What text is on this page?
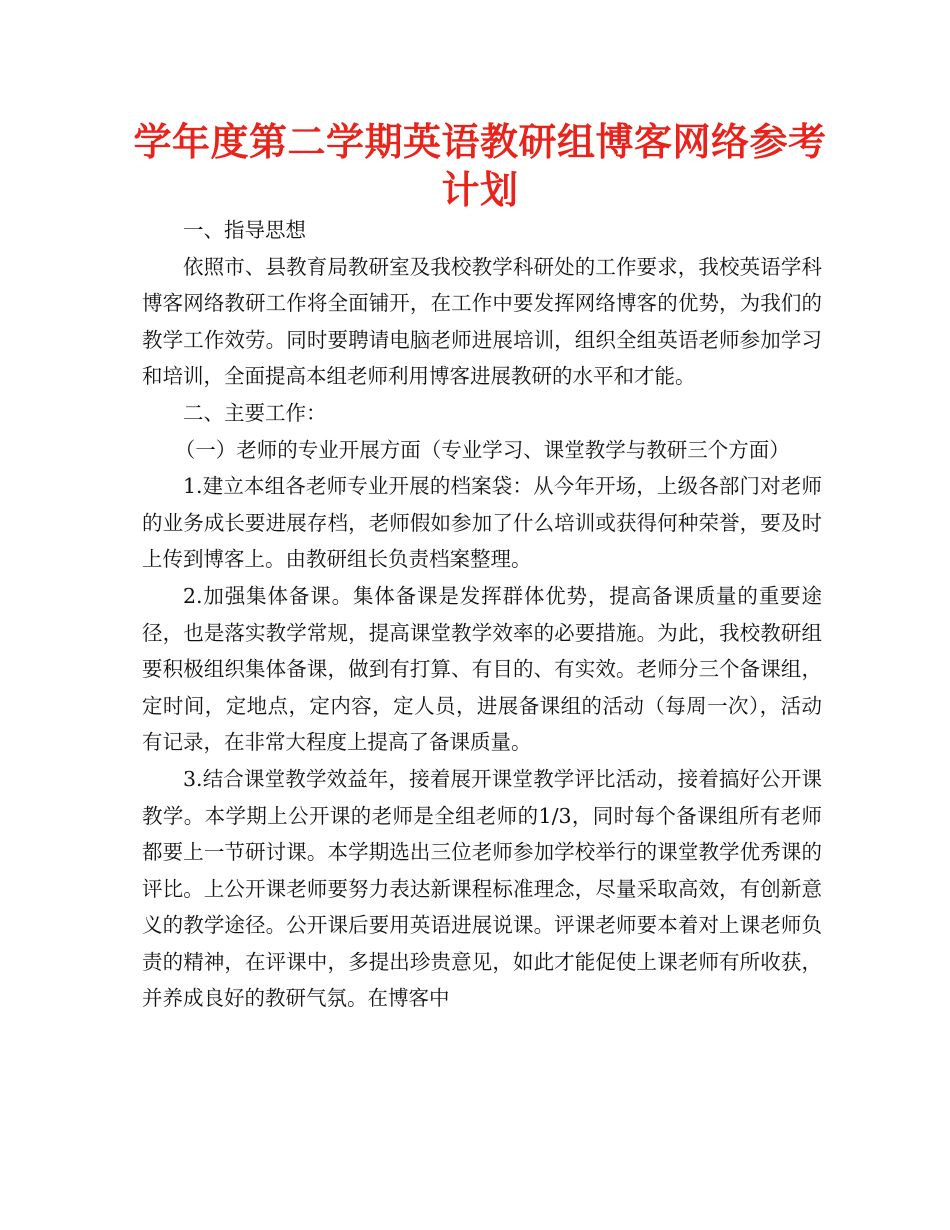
学年度第二学期英语教研组博客网络参考计划

一、指导思想

依照市、县教育局教研室及我校教学科研处的工作要求，我校英语学科博客网络教研工作将全面铺开，在工作中要发挥网络博客的优势，为我们的教学工作效劳。同时要聘请电脑老师进展培训，组织全组英语老师参加学习和培训，全面提高本组老师利用博客进展教研的水平和才能。

二、主要工作：

（一）老师的专业开展方面（专业学习、课堂教学与教研三个方面）

1.建立本组各老师专业开展的档案袋：从今年开场，上级各部门对老师的业务成长要进展存档，老师假如参加了什么培训或获得何种荣誉，要及时上传到博客上。由教研组长负责档案整理。

2.加强集体备课。集体备课是发挥群体优势，提高备课质量的重要途径，也是落实教学常规，提高课堂教学效率的必要措施。为此，我校教研组要积极组织集体备课，做到有打算、有目的、有实效。老师分三个备课组，定时间，定地点，定内容，定人员，进展备课组的活动（每周一次），活动有记录，在非常大程度上提高了备课质量。

3.结合课堂教学效益年，接着展开课堂教学评比活动，接着搞好公开课教学。本学期上公开课的老师是全组老师的1/3，同时每个备课组所有老师都要上一节研讨课。本学期选出三位老师参加学校举行的课堂教学优秀课的评比。上公开课老师要努力表达新课程标准理念，尽量采取高效，有创新意义的教学途径。公开课后要用英语进展说课。评课老师要本着对上课老师负责的精神，在评课中，多提出珍贵意见，如此才能促使上课老师有所收获，并养成良好的教研气氛。在博客中
